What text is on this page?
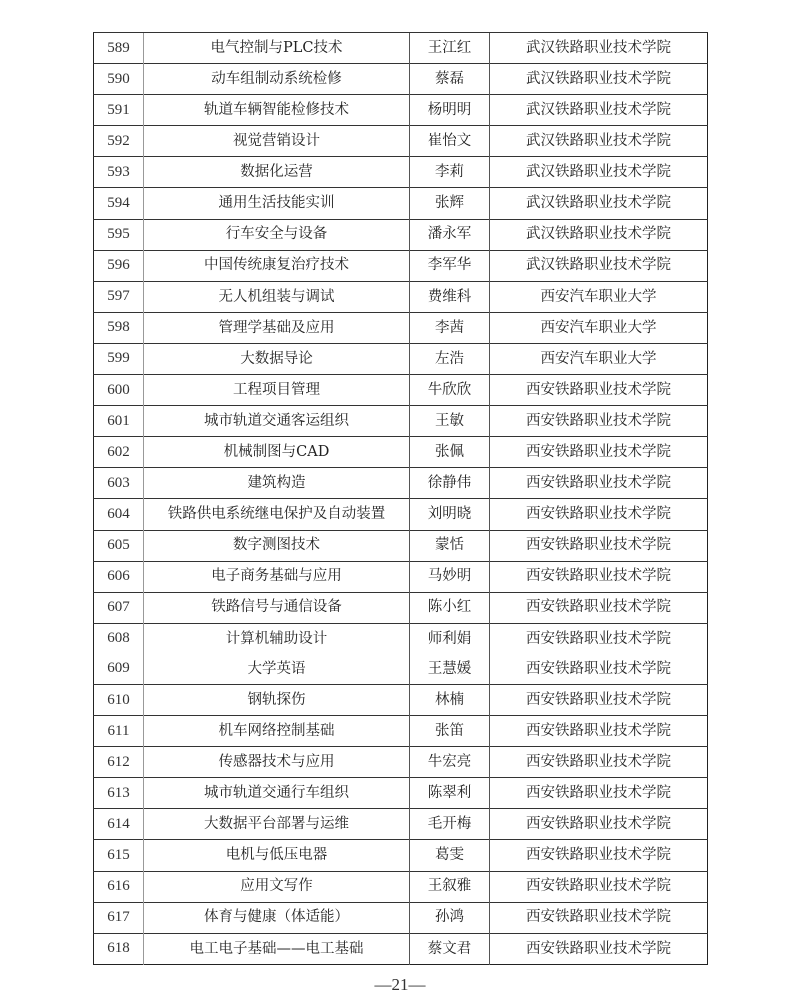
589	电气控制与PLC技术	王江红	武汉铁路职业技术学院
590	动车组制动系统检修	蔡磊	武汉铁路职业技术学院
591	轨道车辆智能检修技术	杨明明	武汉铁路职业技术学院
592	视觉营销设计	崔怡文	武汉铁路职业技术学院
593	数据化运营	李莉	武汉铁路职业技术学院
594	通用生活技能实训	张辉	武汉铁路职业技术学院
595	行车安全与设备	潘永军	武汉铁路职业技术学院
596	中国传统康复治疗技术	李军华	武汉铁路职业技术学院
597	无人机组装与调试	费维科	西安汽车职业大学
598	管理学基础及应用	李茜	西安汽车职业大学
599	大数据导论	左浩	西安汽车职业大学
600	工程项目管理	牛欣欣	西安铁路职业技术学院
601	城市轨道交通客运组织	王敏	西安铁路职业技术学院
602	机械制图与CAD	张佩	西安铁路职业技术学院
603	建筑构造	徐静伟	西安铁路职业技术学院
604	铁路供电系统继电保护及自动装置	刘明晓	西安铁路职业技术学院
605	数字测图技术	蒙恬	西安铁路职业技术学院
606	电子商务基础与应用	马妙明	西安铁路职业技术学院
607	铁路信号与通信设备	陈小红	西安铁路职业技术学院
608	计算机辅助设计	师利娟	西安铁路职业技术学院
609	大学英语	王慧媛	西安铁路职业技术学院
610	钢轨探伤	林楠	西安铁路职业技术学院
611	机车网络控制基础	张笛	西安铁路职业技术学院
612	传感器技术与应用	牛宏亮	西安铁路职业技术学院
613	城市轨道交通行车组织	陈翠利	西安铁路职业技术学院
614	大数据平台部署与运维	毛开梅	西安铁路职业技术学院
615	电机与低压电器	葛雯	西安铁路职业技术学院
616	应用文写作	王叙雅	西安铁路职业技术学院
617	体育与健康（体适能）	孙鸿	西安铁路职业技术学院
618	电工电子基础——电工基础	蔡文君	西安铁路职业技术学院
—21—
